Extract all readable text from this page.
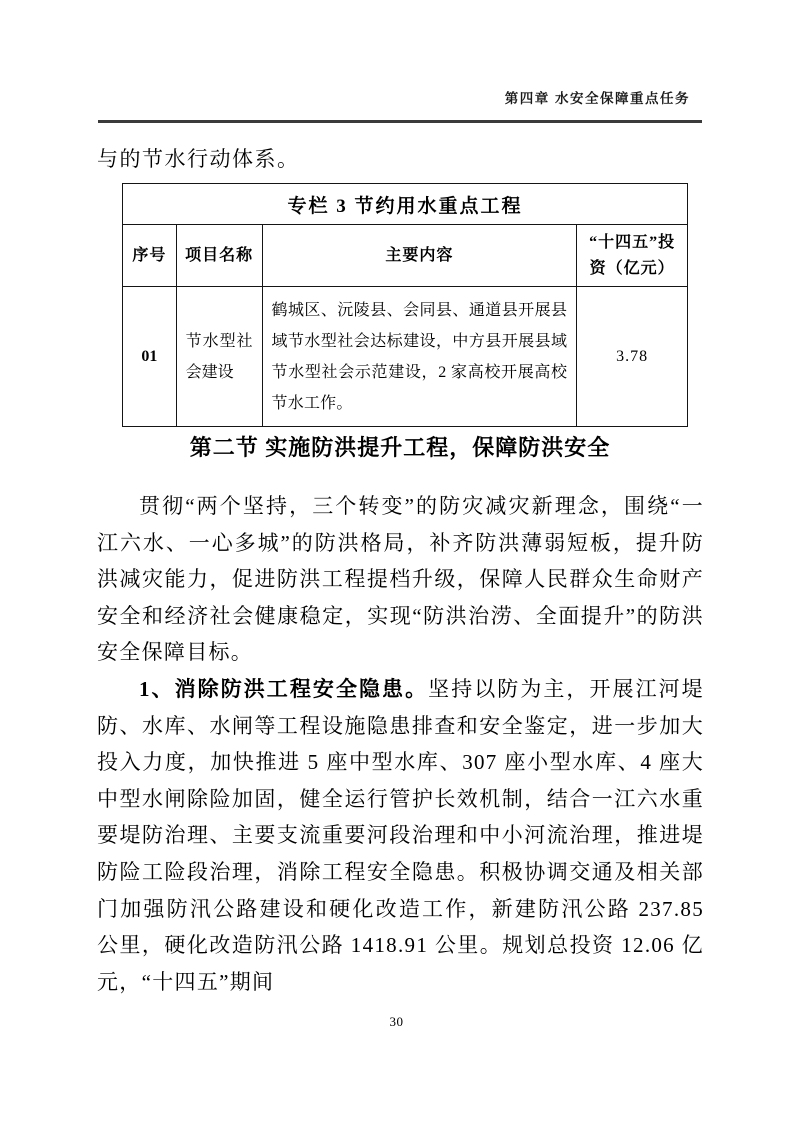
第四章 水安全保障重点任务
与的节水行动体系。
专栏 3 节约用水重点工程			
序号	项目名称	主要内容	“十四五”投资（亿元）
01	节水型社会建设	鹤城区、沅陵县、会同县、通道县开展县域节水型社会达标建设，中方县开展县域节水型社会示范建设，2 家高校开展高校节水工作。	3.78
第二节 实施防洪提升工程，保障防洪安全

贯彻“两个坚持，三个转变”的防灾减灾新理念，围绕“一江六水、一心多城”的防洪格局，补齐防洪薄弱短板，提升防洪减灾能力，促进防洪工程提档升级，保障人民群众生命财产安全和经济社会健康稳定，实现“防洪治涝、全面提升”的防洪安全保障目标。

1、消除防洪工程安全隐患。坚持以防为主，开展江河堤防、水库、水闸等工程设施隐患排查和安全鉴定，进一步加大投入力度，加快推进 5 座中型水库、307 座小型水库、4 座大中型水闸除险加固，健全运行管护长效机制，结合一江六水重要堤防治理、主要支流重要河段治理和中小河流治理，推进堤防险工险段治理，消除工程安全隐患。积极协调交通及相关部门加强防汛公路建设和硬化改造工作，新建防汛公路 237.85 公里，硬化改造防汛公路 1418.91 公里。规划总投资 12.06 亿元，“十四五”期间

30
